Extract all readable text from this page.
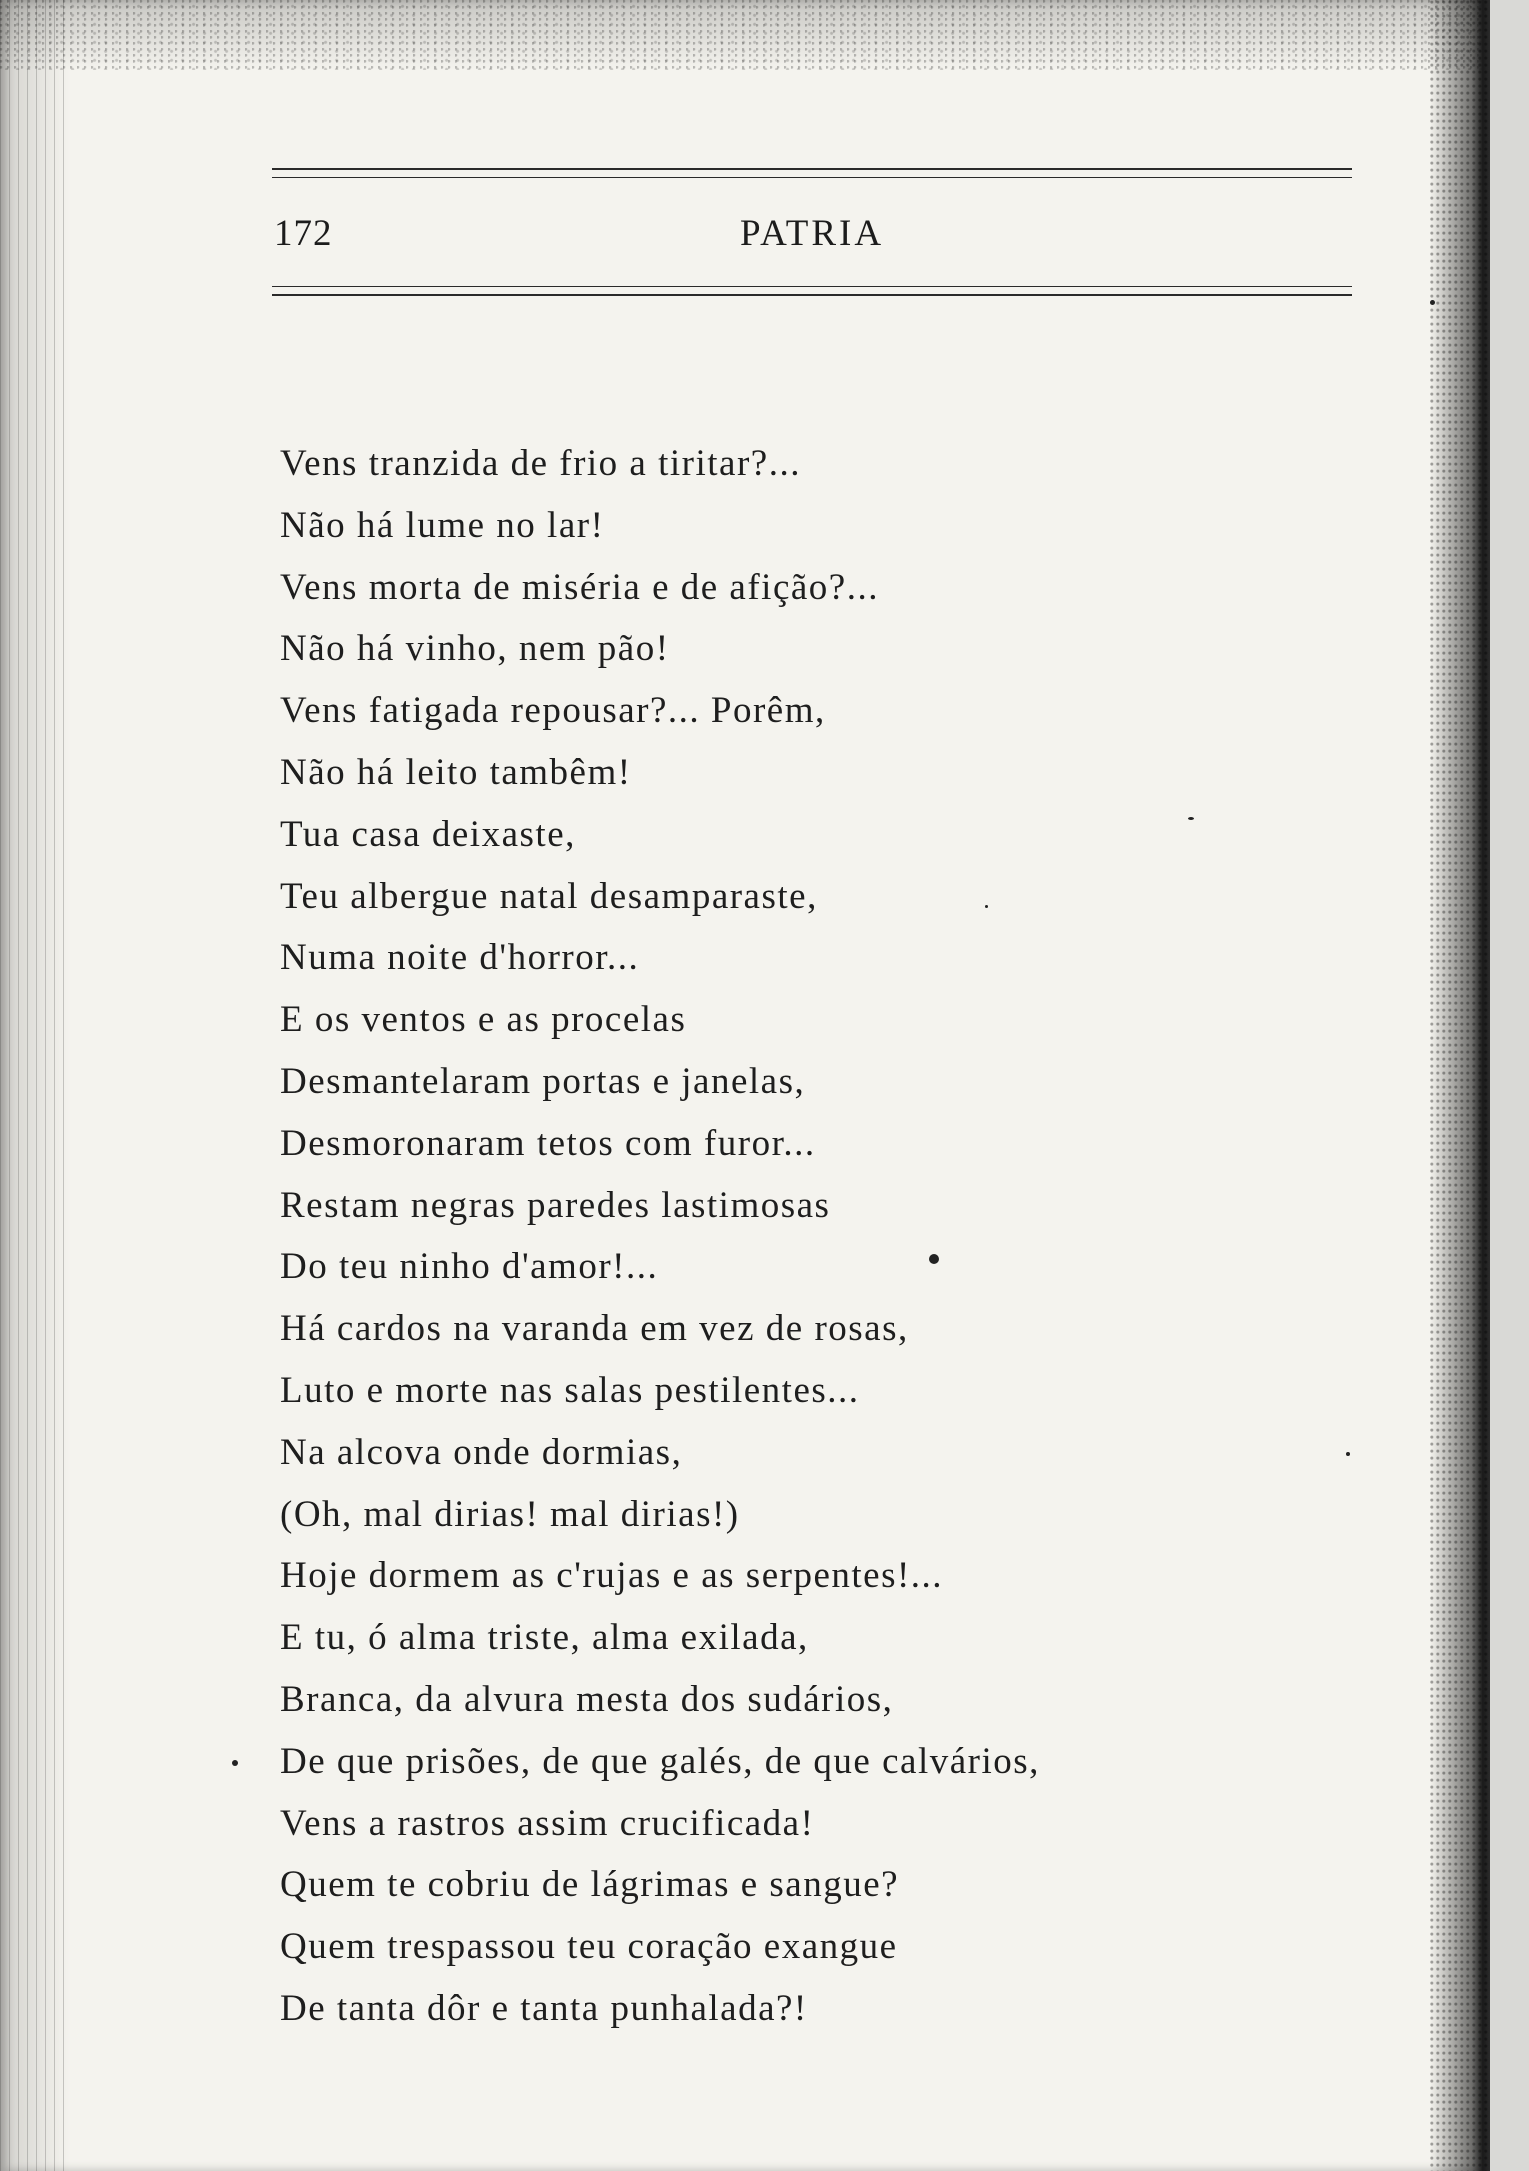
172	PATRIA
Vens tranzida de frio a tiritar?...
Não há lume no lar!
Vens morta de miséria e de afição?...
Não há vinho, nem pão!
Vens fatigada repousar?... Porêm,
Não há leito tambêm!
Tua casa deixaste,
Teu albergue natal desamparaste,
Numa noite d'horror...
E os ventos e as procelas
Desmantelaram portas e janelas,
Desmoronaram tetos com furor...
Restam negras paredes lastimosas
Do teu ninho d'amor!...
Há cardos na varanda em vez de rosas,
Luto e morte nas salas pestilentes...
Na alcova onde dormias,
(Oh, mal dirias! mal dirias!)
Hoje dormem as c'rujas e as serpentes!...
E tu, ó alma triste, alma exilada,
Branca, da alvura mesta dos sudários,
De que prisões, de que galés, de que calvários,
Vens a rastros assim crucificada!
Quem te cobriu de lágrimas e sangue?
Quem trespassou teu coração exangue
De tanta dôr e tanta punhalada?!
